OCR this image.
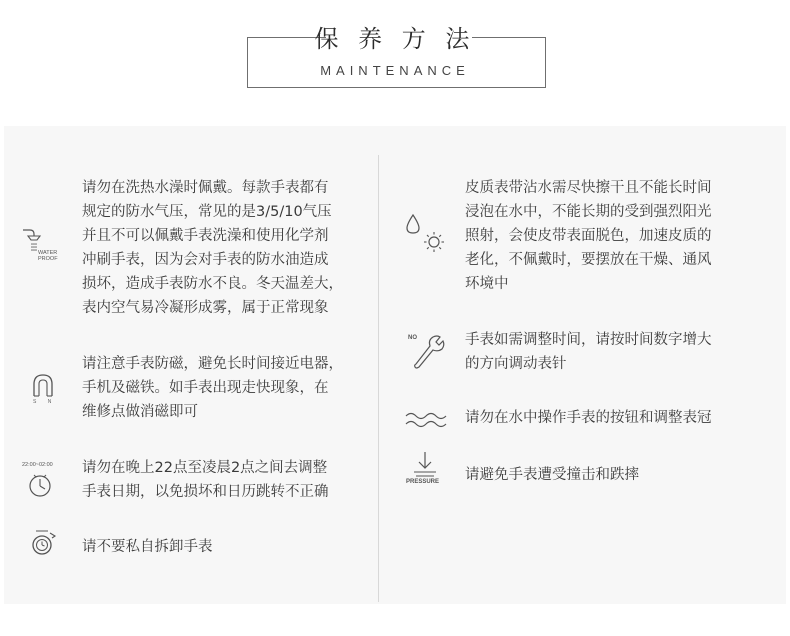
保 养 方 法
MAINTENANCE
WATER
PROOF
请勿在洗热水澡时佩戴。每款手表都有
规定的防水气压，常见的是3/5/10气压
并且不可以佩戴手表洗澡和使用化学剂
冲刷手表，因为会对手表的防水油造成
损坏，造成手表防水不良。冬天温差大，
表内空气易冷凝形成雾，属于正常现象
S N
请注意手表防磁，避免长时间接近电器，
手机及磁铁。如手表出现走快现象，在
维修点做消磁即可
22:00~02:00 请勿在晚上22点至凌晨2点之间去调整
手表日期，以免损坏和日历跳转不正确
请不要私自拆卸手表
皮质表带沾水需尽快擦干且不能长时间
浸泡在水中，不能长期的受到强烈阳光
照射，会使皮带表面脱色，加速皮质的
老化，不佩戴时，要摆放在干燥、通风
环境中
NO	手表如需调整时间，请按时间数字增大
的方向调动表针
请勿在水中操作手表的按钮和调整表冠
PRESSURE 请避免手表遭受撞击和跌摔
